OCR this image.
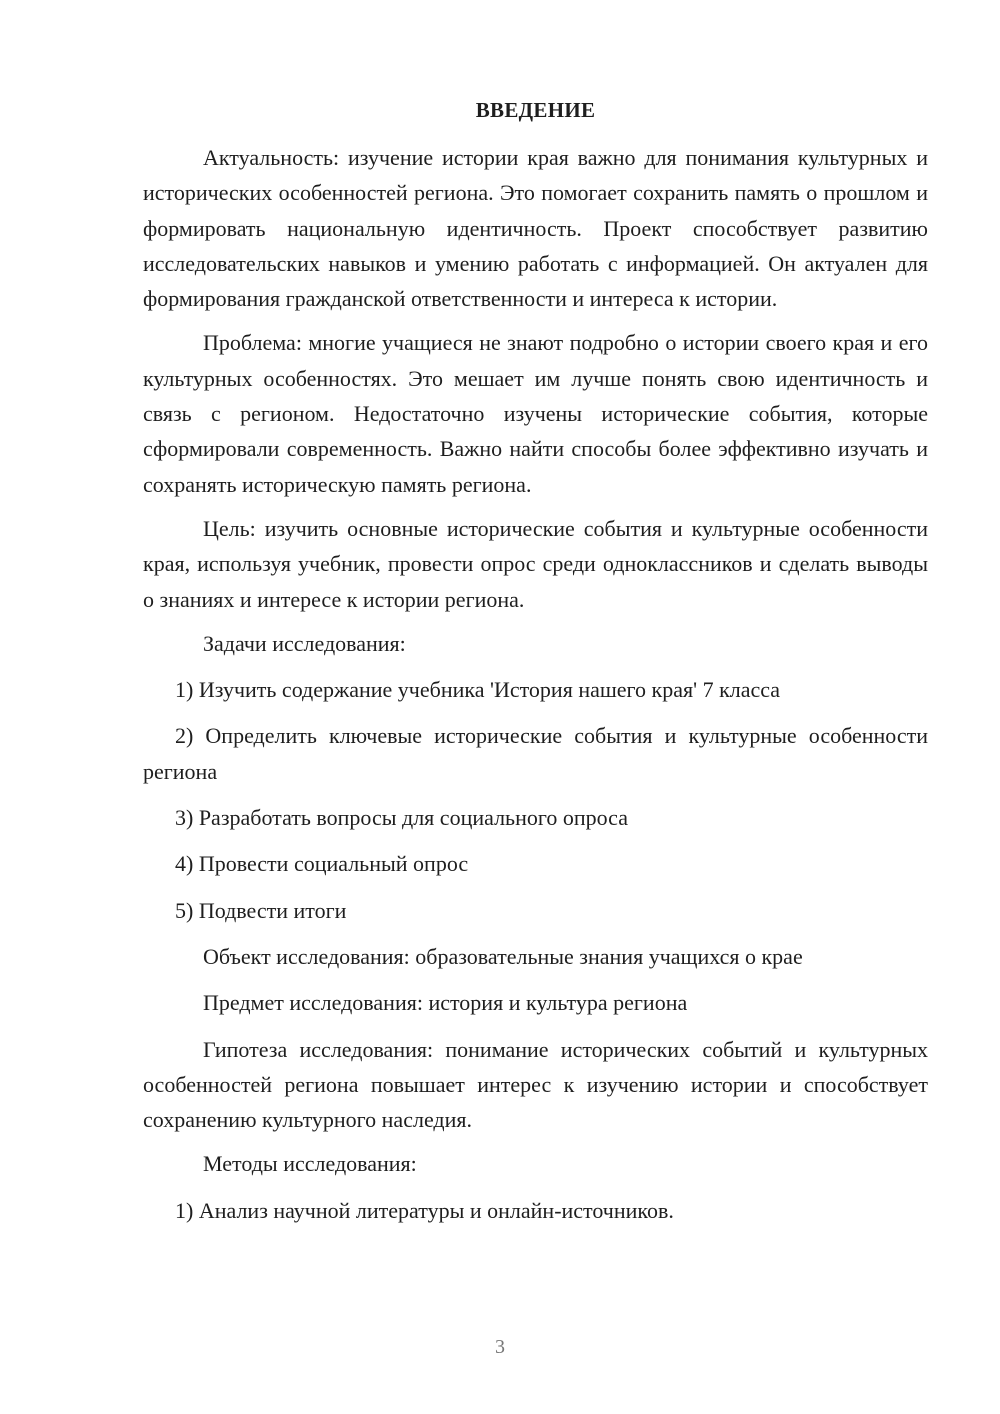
ВВЕДЕНИЕ

Актуальность: изучение истории края важно для понимания культурных и исторических особенностей региона. Это помогает сохранить память о прошлом и формировать национальную идентичность. Проект способствует развитию исследовательских навыков и умению работать с информацией. Он актуален для формирования гражданской ответственности и интереса к истории.

Проблема: многие учащиеся не знают подробно о истории своего края и его культурных особенностях. Это мешает им лучше понять свою идентичность и связь с регионом. Недостаточно изучены исторические события, которые сформировали современность. Важно найти способы более эффективно изучать и сохранять историческую память региона.

Цель: изучить основные исторические события и культурные особенности края, используя учебник, провести опрос среди одноклассников и сделать выводы о знаниях и интересе к истории региона.

Задачи исследования:

1) Изучить содержание учебника 'История нашего края' 7 класса

2) Определить ключевые исторические события и культурные особенности региона

3) Разработать вопросы для социального опроса

4) Провести социальный опрос

5) Подвести итоги

Объект исследования: образовательные знания учащихся о крае

Предмет исследования: история и культура региона

Гипотеза исследования: понимание исторических событий и культурных особенностей региона повышает интерес к изучению истории и способствует сохранению культурного наследия.

Методы исследования:

1) Анализ научной литературы и онлайн-источников.

3
